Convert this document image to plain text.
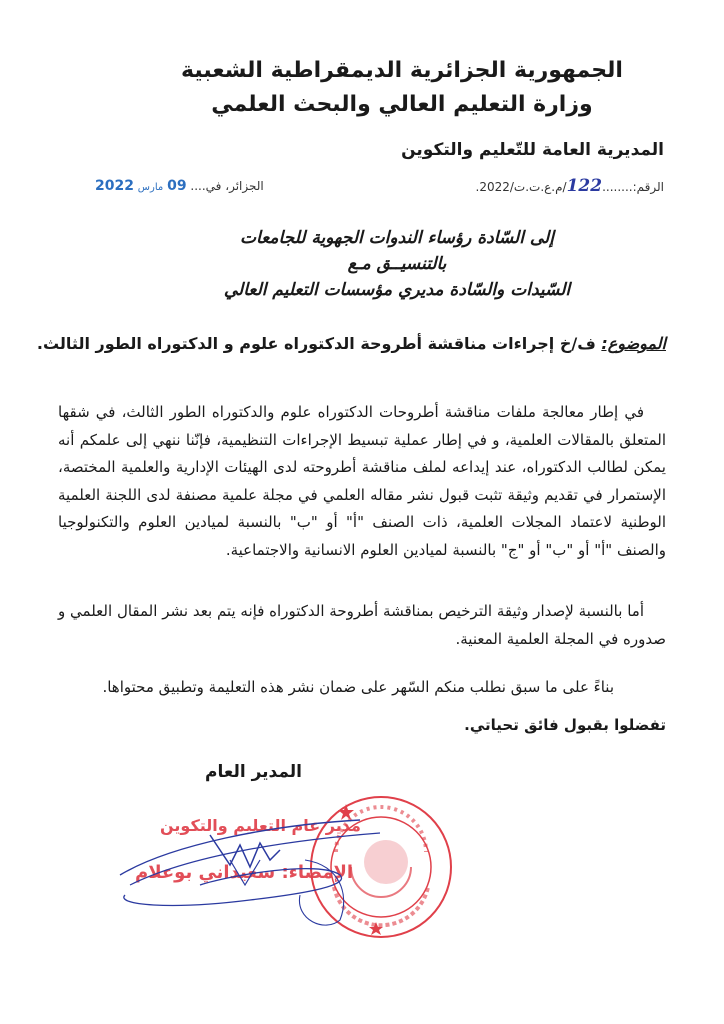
الجمهورية الجزائرية الديمقراطية الشعبية
وزارة التعليم العالي والبحث العلمي
المديرية العامة للتّعليم والتكوين
الرقم:........122/م.ع.ت.ت/2022.
الجزائر، في.... 09 مارس 2022
إلى السّادة رؤساء الندوات الجهوية للجامعات
بالتنسيــق مـع
السّيدات والسّادة مديري مؤسسات التعليم العالي
الموضوع: ف/خ إجراءات مناقشة أطروحة الدكتوراه علوم و الدكتوراه الطور الثالث.
في إطار معالجة ملفات مناقشة أطروحات الدكتوراه علوم والدكتوراه الطور الثالث، في شقها المتعلق بالمقالات العلمية، و في إطار عملية تبسيط الإجراءات التنظيمية، فإنّنا ننهي إلى علمكم أنه يمكن لطالب الدكتوراه، عند إيداعه لملف مناقشة أطروحته لدى الهيئات الإدارية والعلمية المختصة، الإستمرار في تقديم وثيقة تثبت قبول نشر مقاله العلمي في مجلة علمية مصنفة لدى اللجنة العلمية الوطنية لاعتماد المجلات العلمية، ذات الصنف "أ" أو "ب" بالنسبة لميادين العلوم والتكنولوجيا والصنف "أ" أو "ب" أو "ج" بالنسبة لميادين العلوم الانسانية والاجتماعية.
أما بالنسبة لإصدار وثيقة الترخيص بمناقشة أطروحة الدكتوراه فإنه يتم بعد نشر المقال العلمي و صدوره في المجلة العلمية المعنية.
بناءً على ما سبق نطلب منكم السّهر على ضمان نشر هذه التعليمة وتطبيق محتواها.
تفضلوا بقبول فائق تحياتي.
المدير العام
مدير عام التعليم والتكوين
الإمضاء: سعيداني بوعلام
